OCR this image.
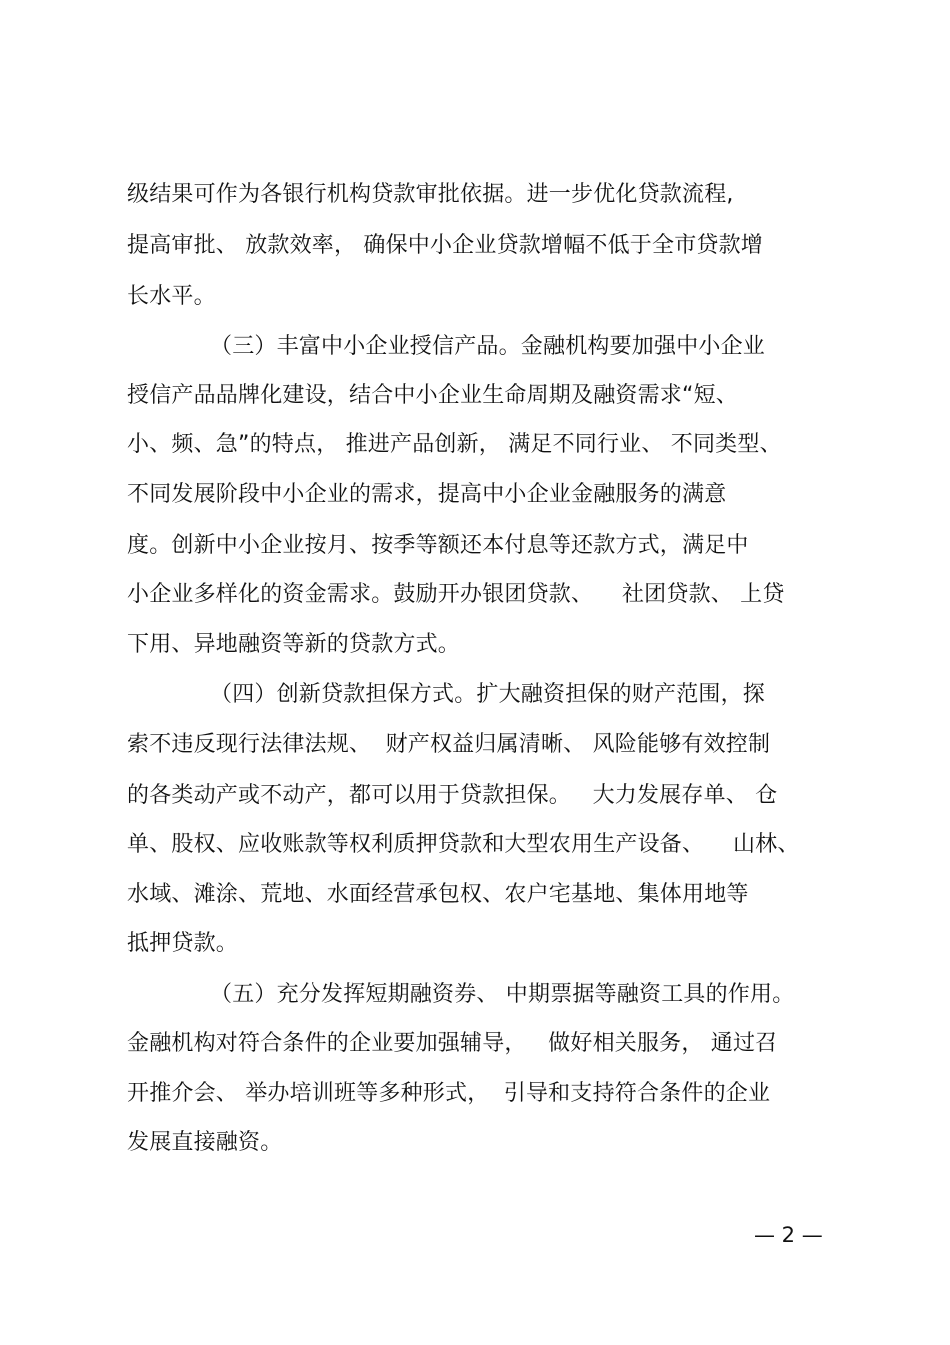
级结果可作为各银行机构贷款审批依据。进一步优化贷款流程,
提高审批、 放款效率， 确保中小企业贷款增幅不低于全市贷款增
长水平。
（三）丰富中小企业授信产品。金融机构要加强中小企业
授信产品品牌化建设，结合中小企业生命周期及融资需求“短、
小、频、急”的特点， 推进产品创新， 满足不同行业、 不同类型、
不同发展阶段中小企业的需求，提高中小企业金融服务的满意
度。创新中小企业按月、按季等额还本付息等还款方式，满足中
小企业多样化的资金需求。鼓励开办银团贷款、    社团贷款、 上贷
下用、异地融资等新的贷款方式。
（四）创新贷款担保方式。扩大融资担保的财产范围，探
索不违反现行法律法规、  财产权益归属清晰、 风险能够有效控制
的各类动产或不动产，都可以用于贷款担保。   大力发展存单、 仓
单、股权、应收账款等权利质押贷款和大型农用生产设备、    山林、
水域、滩涂、荒地、水面经营承包权、农户宅基地、集体用地等
抵押贷款。
（五）充分发挥短期融资券、 中期票据等融资工具的作用。
金融机构对符合条件的企业要加强辅导，   做好相关服务， 通过召
开推介会、 举办培训班等多种形式，  引导和支持符合条件的企业
发展直接融资。
— 2 —
